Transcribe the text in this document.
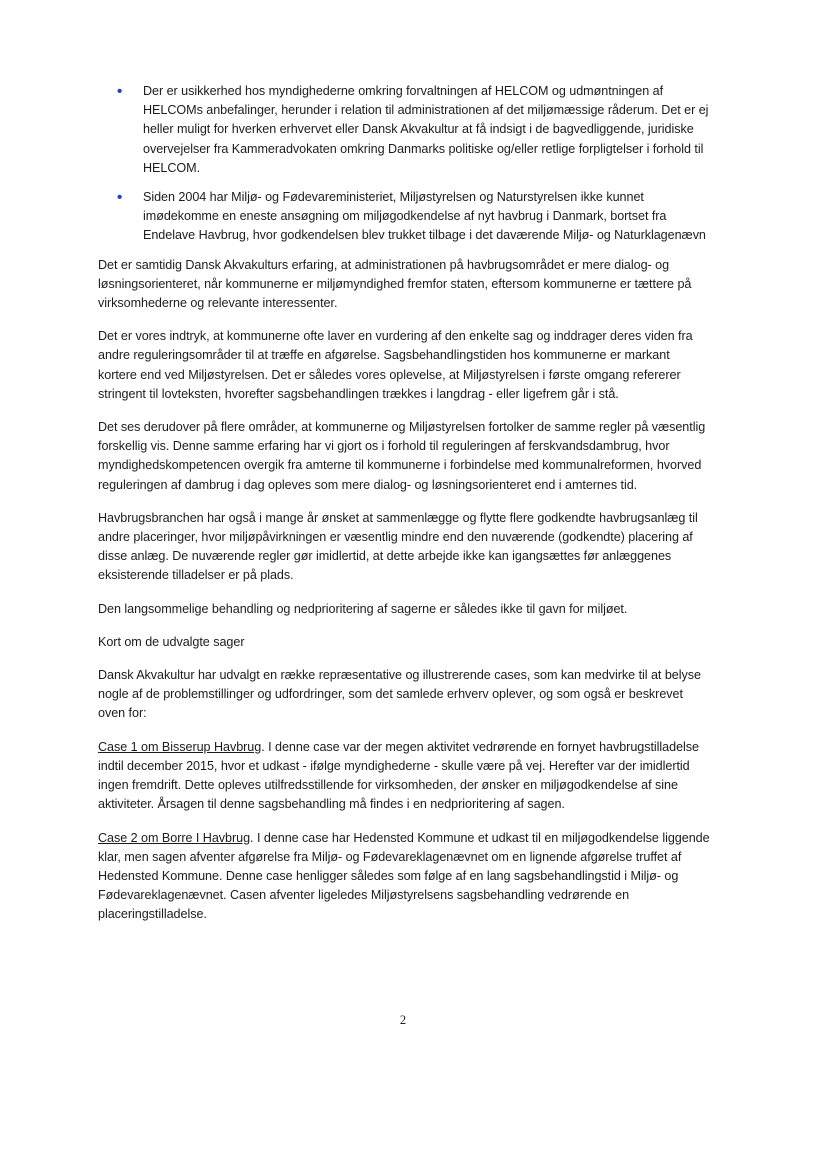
• Der er usikkerhed hos myndighederne omkring forvaltningen af HELCOM og udmøntningen af HELCOMs anbefalinger, herunder i relation til administrationen af det miljømæssige råderum. Det er ej heller muligt for hverken erhvervet eller Dansk Akvakultur at få indsigt i de bagvedliggende, juridiske overvejelser fra Kammeradvokaten omkring Danmarks politiske og/eller retlige forpligtelser i forhold til HELCOM.
• Siden 2004 har Miljø- og Fødevareministeriet, Miljøstyrelsen og Naturstyrelsen ikke kunnet imødekomme en eneste ansøgning om miljøgodkendelse af nyt havbrug i Danmark, bortset fra Endelave Havbrug, hvor godkendelsen blev trukket tilbage i det daværende Miljø- og Naturklagenævn

Det er samtidig Dansk Akvakulturs erfaring, at administrationen på havbrugsområdet er mere dialog- og løsningsorienteret, når kommunerne er miljømyndighed fremfor staten, eftersom kommunerne er tættere på virksomhederne og relevante interessenter.

Det er vores indtryk, at kommunerne ofte laver en vurdering af den enkelte sag og inddrager deres viden fra andre reguleringsområder til at træffe en afgørelse. Sagsbehandlingstiden hos kommunerne er markant kortere end ved Miljøstyrelsen. Det er således vores oplevelse, at Miljøstyrelsen i første omgang refererer stringent til lovteksten, hvorefter sagsbehandlingen trækkes i langdrag - eller ligefrem går i stå.

Det ses derudover på flere områder, at kommunerne og Miljøstyrelsen fortolker de samme regler på væsentlig forskellig vis. Denne samme erfaring har vi gjort os i forhold til reguleringen af ferskvandsdambrug, hvor myndighedskompetencen overgik fra amterne til kommunerne i forbindelse med kommunalreformen, hvorved reguleringen af dambrug i dag opleves som mere dialog- og løsningsorienteret end i amternes tid.

Havbrugsbranchen har også i mange år ønsket at sammenlægge og flytte flere godkendte havbrugsanlæg til andre placeringer, hvor miljøpåvirkningen er væsentlig mindre end den nuværende (godkendte) placering af disse anlæg. De nuværende regler gør imidlertid, at dette arbejde ikke kan igangsættes før anlæggenes eksisterende tilladelser er på plads.

Den langsommelige behandling og nedprioritering af sagerne er således ikke til gavn for miljøet.

Kort om de udvalgte sager

Dansk Akvakultur har udvalgt en række repræsentative og illustrerende cases, som kan medvirke til at belyse nogle af de problemstillinger og udfordringer, som det samlede erhverv oplever, og som også er beskrevet oven for:

Case 1 om Bisserup Havbrug. I denne case var der megen aktivitet vedrørende en fornyet havbrugstilladelse indtil december 2015, hvor et udkast - ifølge myndighederne - skulle være på vej. Herefter var der imidlertid ingen fremdrift. Dette opleves utilfredsstillende for virksomheden, der ønsker en miljøgodkendelse af sine aktiviteter. Årsagen til denne sagsbehandling må findes i en nedprioritering af sagen.

Case 2 om Borre I Havbrug. I denne case har Hedensted Kommune et udkast til en miljøgodkendelse liggende klar, men sagen afventer afgørelse fra Miljø- og Fødevareklagenævnet om en lignende afgørelse truffet af Hedensted Kommune. Denne case henligger således som følge af en lang sagsbehandlingstid i Miljø- og Fødevareklagenævnet. Casen afventer ligeledes Miljøstyrelsens sagsbehandling vedrørende en placeringstilladelse.

2
